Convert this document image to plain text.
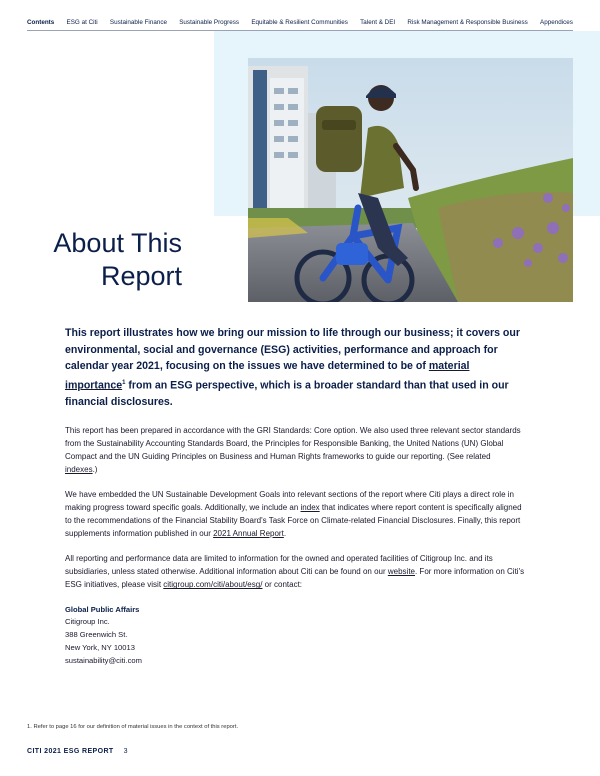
Contents ESG at Citi Sustainable Finance Sustainable Progress Equitable & Resilient Communities Talent & DEI Risk Management & Responsible Business Appendices
About This
Report

This report illustrates how we bring our mission to life through our business; it covers our environmental, social and governance (ESG) activities, performance and approach for calendar year 2021, focusing on the issues we have determined to be of material importance$^1$ from an ESG perspective, which is a broader standard than that used in our financial disclosures.

This report has been prepared in accordance with the GRI Standards: Core option. We also used three relevant sector standards from the Sustainability Accounting Standards Board, the Principles for Responsible Banking, the United Nations (UN) Global Compact and the UN Guiding Principles on Business and Human Rights frameworks to guide our reporting. (See related indexes.)

We have embedded the UN Sustainable Development Goals into relevant sections of the report where Citi plays a direct role in making progress toward specific goals. Additionally, we include an index that indicates where report content is specifically aligned to the recommendations of the Financial Stability Board's Task Force on Climate-related Financial Disclosures. Finally, this report supplements information published in our 2021 Annual Report.

All reporting and performance data are limited to information for the owned and operated facilities of Citigroup Inc. and its subsidiaries, unless stated otherwise. Additional information about Citi can be found on our website. For more information on Citi's ESG initiatives, please visit citigroup.com/citi/about/esg/ or contact:

Global Public Affairs
Citigroup Inc.
388 Greenwich St.
New York, NY 10013
sustainability@citi.com
1. Refer to page 16 for our definition of material issues in the context of this report.
CITI 2021 ESG REPORT 3
